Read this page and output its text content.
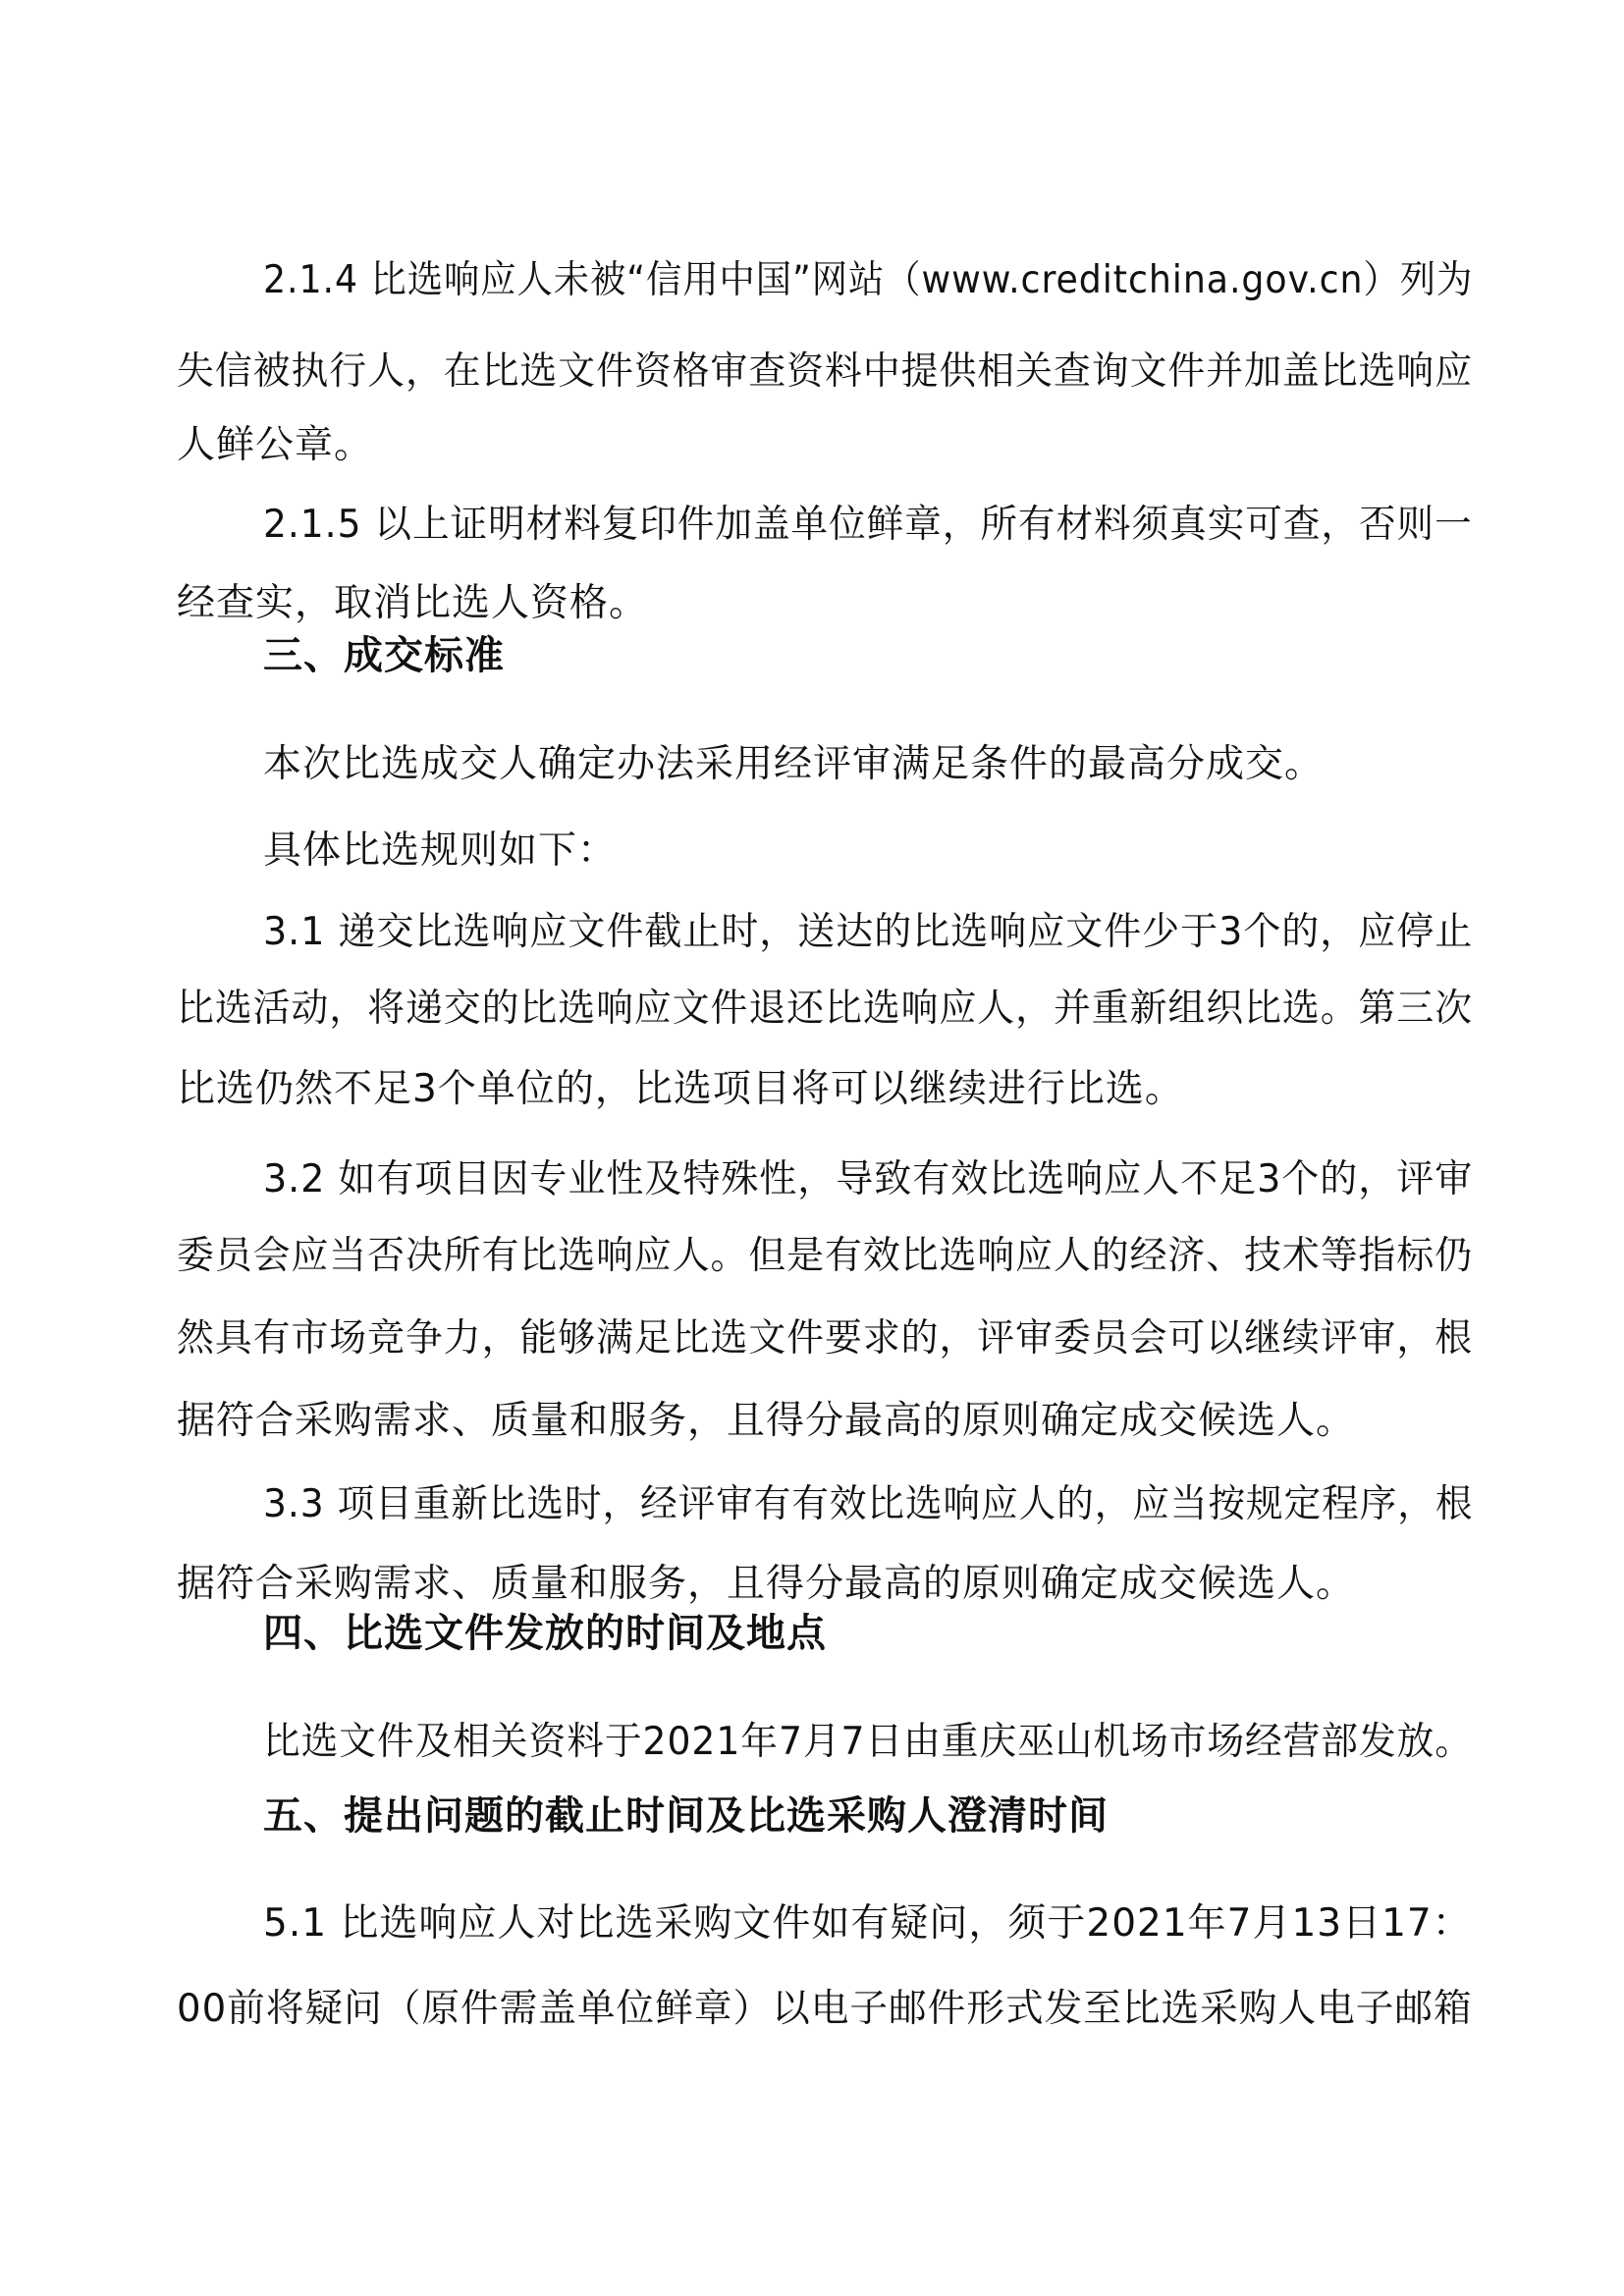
2.1.4 比选响应人未被“信用中国”网站（www.creditchina.gov.cn）列为
失信被执行人，在比选文件资格审查资料中提供相关查询文件并加盖比选响应
人鲜公章。
2.1.5 以上证明材料复印件加盖单位鲜章，所有材料须真实可查，否则一
经查实，取消比选人资格。
三、成交标准
本次比选成交人确定办法采用经评审满足条件的最高分成交。
具体比选规则如下：
3.1 递交比选响应文件截止时，送达的比选响应文件少于3个的，应停止
比选活动，将递交的比选响应文件退还比选响应人，并重新组织比选。第三次
比选仍然不足3个单位的，比选项目将可以继续进行比选。
3.2 如有项目因专业性及特殊性，导致有效比选响应人不足3个的，评审
委员会应当否决所有比选响应人。但是有效比选响应人的经济、技术等指标仍
然具有市场竞争力，能够满足比选文件要求的，评审委员会可以继续评审，根
据符合采购需求、质量和服务，且得分最高的原则确定成交候选人。
3.3 项目重新比选时，经评审有有效比选响应人的，应当按规定程序，根
据符合采购需求、质量和服务，且得分最高的原则确定成交候选人。
四、比选文件发放的时间及地点
比选文件及相关资料于2021年7月7日由重庆巫山机场市场经营部发放。
五、提出问题的截止时间及比选采购人澄清时间
5.1 比选响应人对比选采购文件如有疑问，须于2021年7月13日17：
00前将疑问（原件需盖单位鲜章）以电子邮件形式发至比选采购人电子邮箱
